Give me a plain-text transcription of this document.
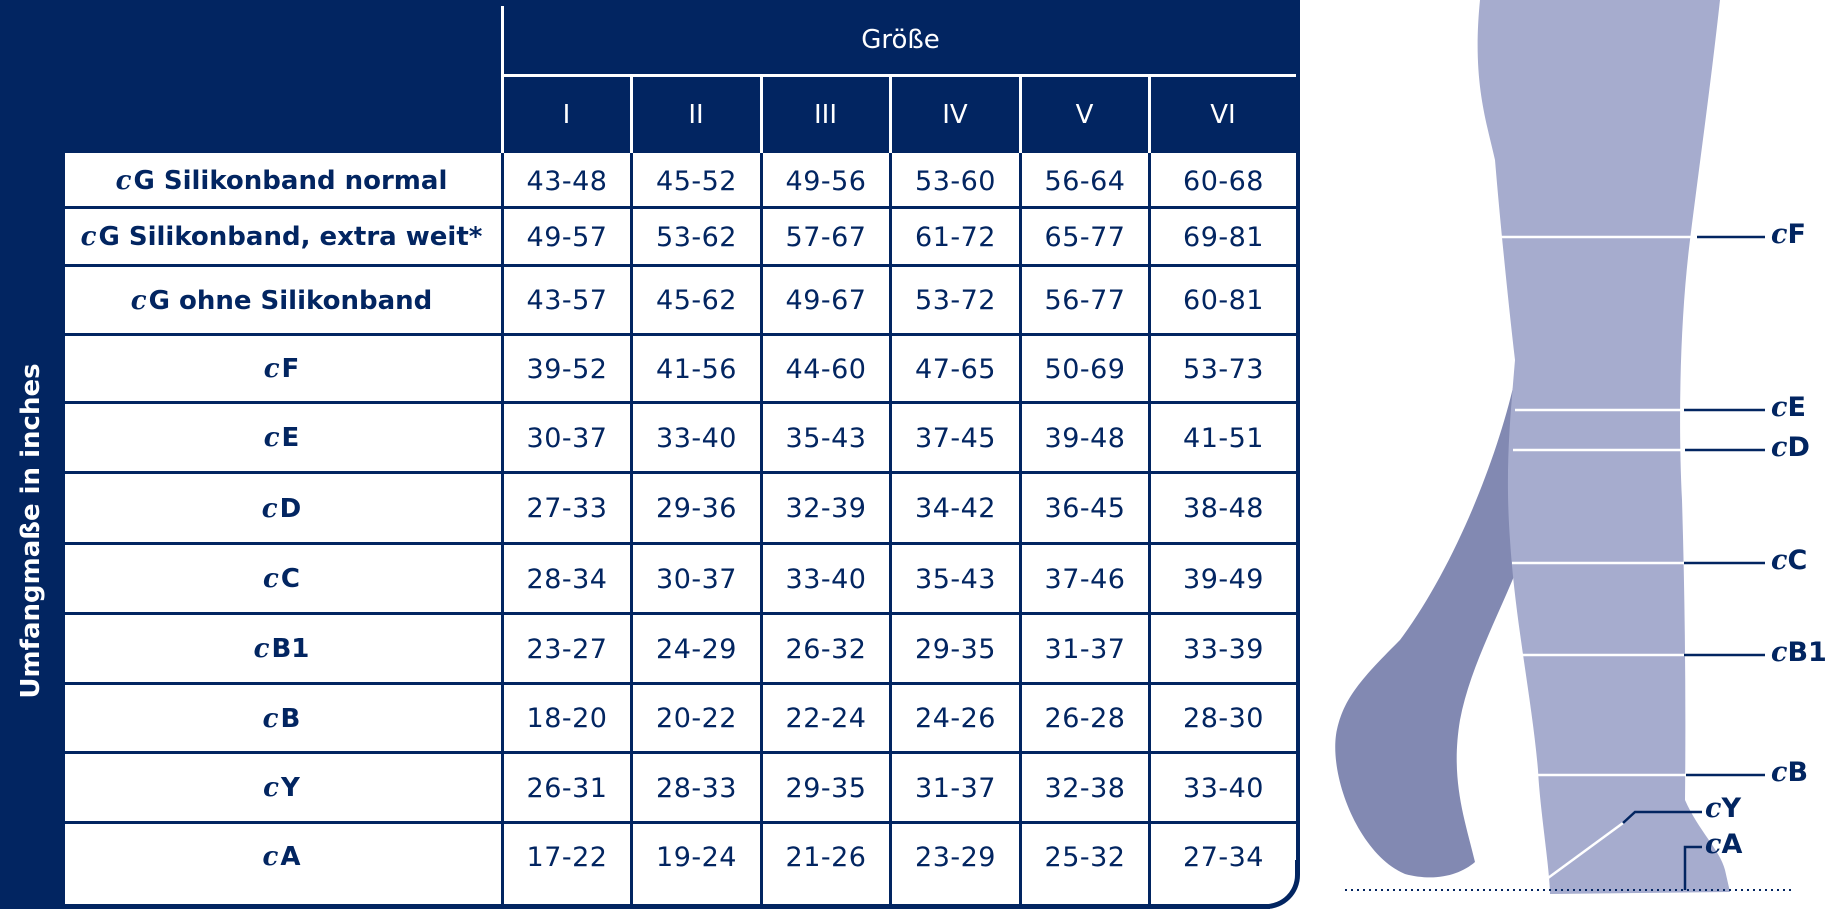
Größe
I	II	III	IV	V	VI
Umfangmaße in inches
c G Silikonband normal	43-48	45-52	49-56	53-60	56-64	60-68
c G Silikonband, extra weit*	49-57	53-62	57-67	61-72	65-77	69-81
c G ohne Silikonband	43-57	45-62	49-67	53-72	56-77	60-81
c F	39-52	41-56	44-60	47-65	50-69	53-73
c E	30-37	33-40	35-43	37-45	39-48	41-51
c D	27-33	29-36	32-39	34-42	36-45	38-48
c C	28-34	30-37	33-40	35-43	37-46	39-49
c B1	23-27	24-29	26-32	29-35	31-37	33-39
c B	18-20	20-22	22-24	24-26	26-28	28-30
c Y	26-31	28-33	29-35	31-37	32-38	33-40
c A	17-22	19-24	21-26	23-29	25-32	27-34
cF
cE
cD
cC
cB1
cB
cY
cA
